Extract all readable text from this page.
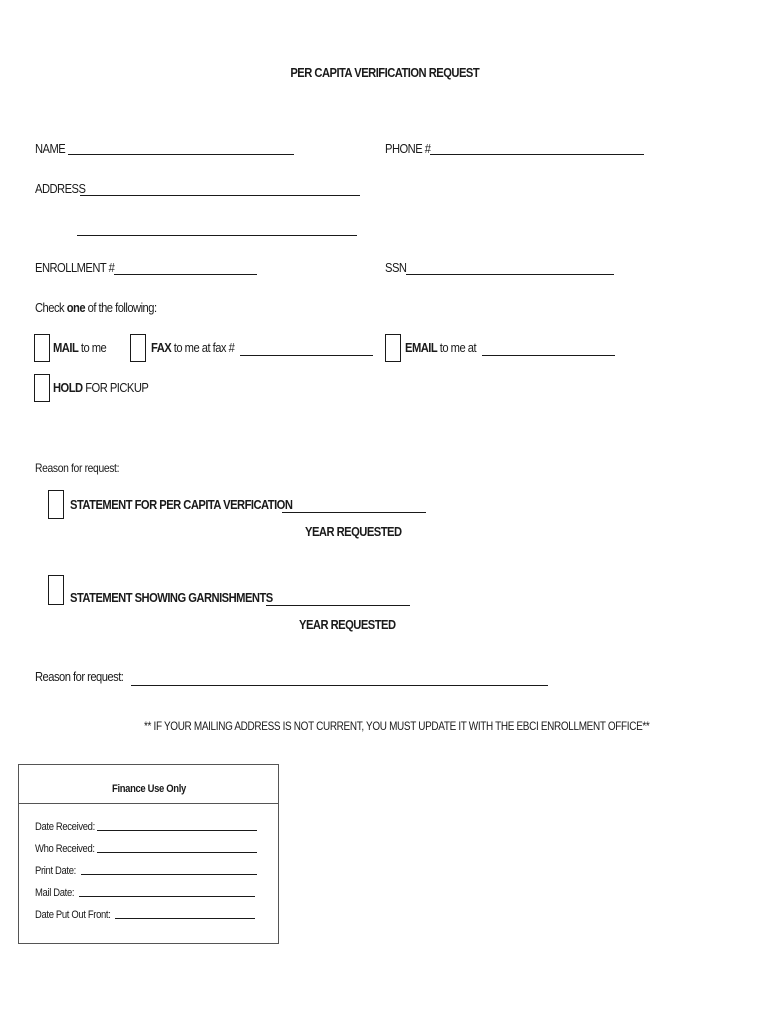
PER CAPITA VERIFICATION REQUEST
NAME	PHONE #
ADDRESS
ENROLLMENT #	SSN
Check one of the following:
MAIL to me	FAX to me at fax #	EMAIL to me at
HOLD FOR PICKUP
Reason for request:
STATEMENT FOR PER CAPITA VERFICATION
YEAR REQUESTED
STATEMENT SHOWING GARNISHMENTS
YEAR REQUESTED
Reason for request:
** IF YOUR MAILING ADDRESS IS NOT CURRENT, YOU MUST UPDATE IT WITH THE EBCI ENROLLMENT OFFICE**
Finance Use Only
Date Received:
Who Received:
Print Date:
Mail Date:
Date Put Out Front:
